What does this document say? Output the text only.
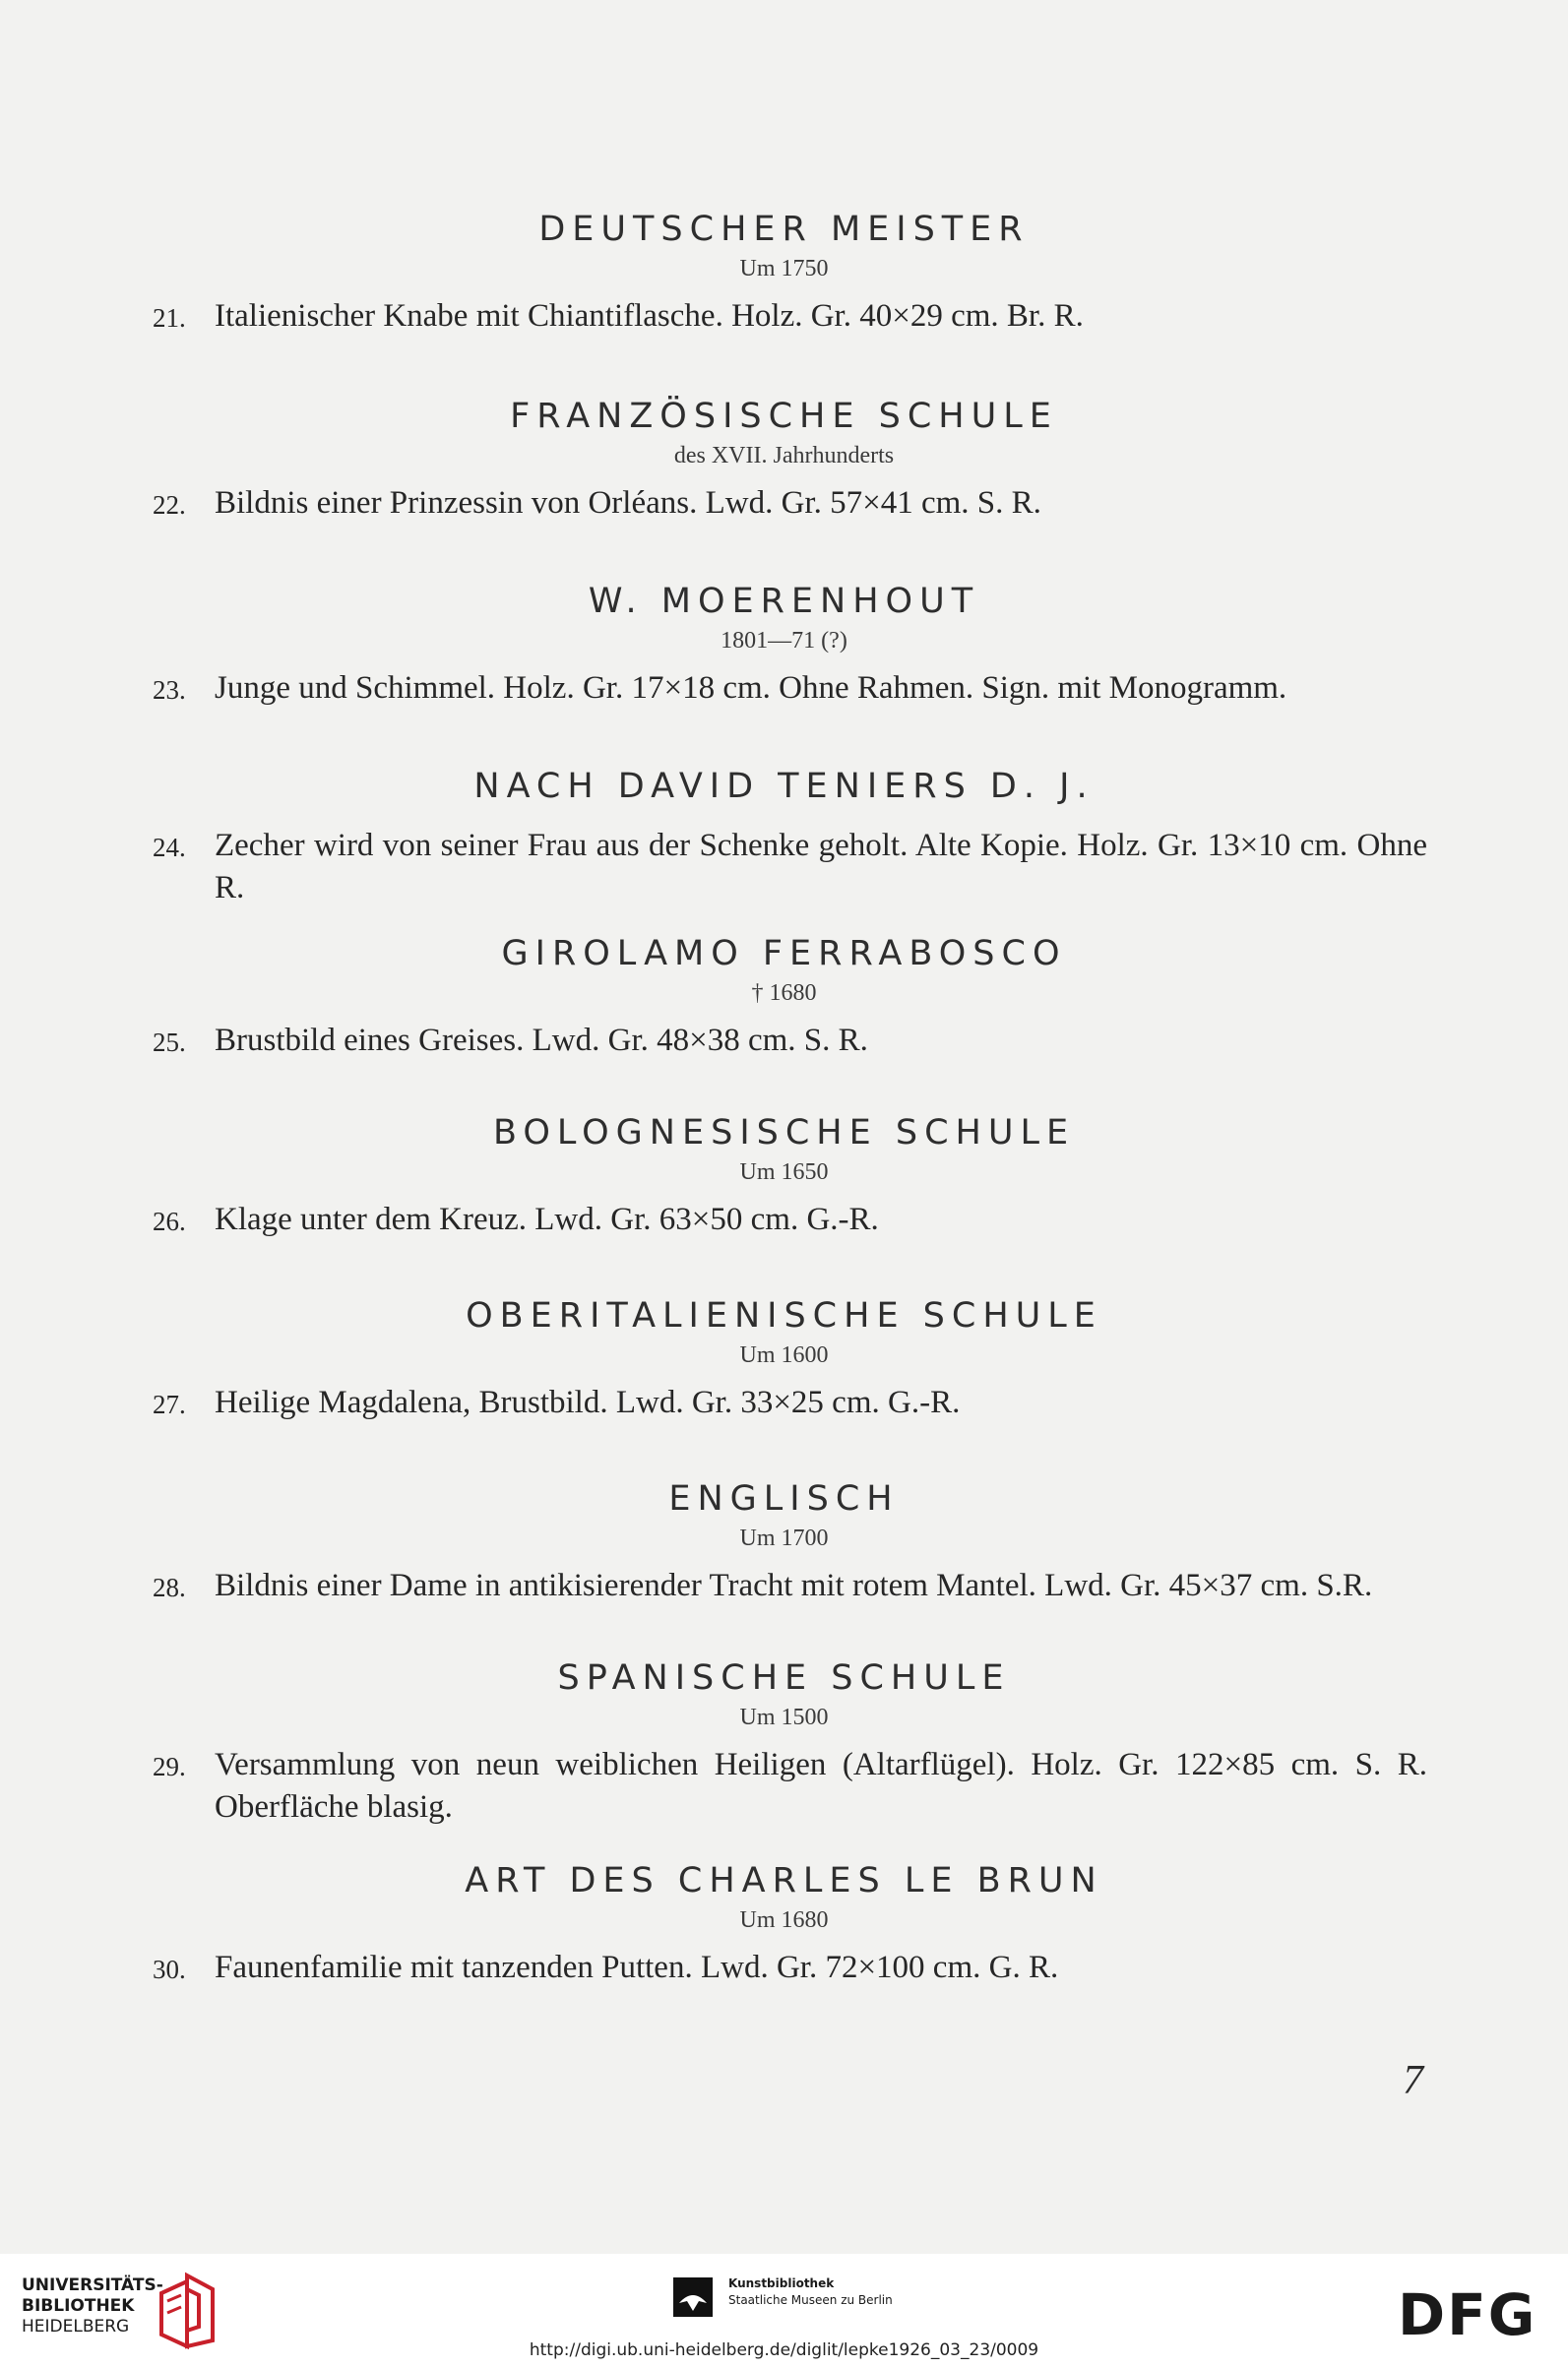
DEUTSCHER MEISTER
Um 1750
21. Italienischer Knabe mit Chiantiflasche. Holz. Gr. 40×29 cm. Br. R.
FRANZÖSISCHE SCHULE
des XVII. Jahrhunderts
22. Bildnis einer Prinzessin von Orléans. Lwd. Gr. 57×41 cm. S. R.
W. MOERENHOUT
1801—71 (?)
23. Junge und Schimmel. Holz. Gr. 17×18 cm. Ohne Rahmen. Sign. mit Monogramm.
NACH DAVID TENIERS D. J.
24. Zecher wird von seiner Frau aus der Schenke geholt. Alte Kopie. Holz. Gr. 13×10 cm. Ohne R.
GIROLAMO FERRABOSCO
† 1680
25. Brustbild eines Greises. Lwd. Gr. 48×38 cm. S. R.
BOLOGNESISCHE SCHULE
Um 1650
26. Klage unter dem Kreuz. Lwd. Gr. 63×50 cm. G.-R.
OBERITALIENISCHE SCHULE
Um 1600
27. Heilige Magdalena, Brustbild. Lwd. Gr. 33×25 cm. G.-R.
ENGLISCH
Um 1700
28. Bildnis einer Dame in antikisierender Tracht mit rotem Mantel. Lwd. Gr. 45×37 cm. S.R.
SPANISCHE SCHULE
Um 1500
29. Versammlung von neun weiblichen Heiligen (Altarflügel). Holz. Gr. 122×85 cm. S. R. Oberfläche blasig.
ART DES CHARLES LE BRUN
Um 1680
30. Faunenfamilie mit tanzenden Putten. Lwd. Gr. 72×100 cm. G. R.
7
UNIVERSITÄTS-
BIBLIOTHEK
HEIDELBERG
Kunstbibliothek
Staatliche Museen zu Berlin	DFG
http://digi.ub.uni-heidelberg.de/diglit/lepke1926_03_23/0009
